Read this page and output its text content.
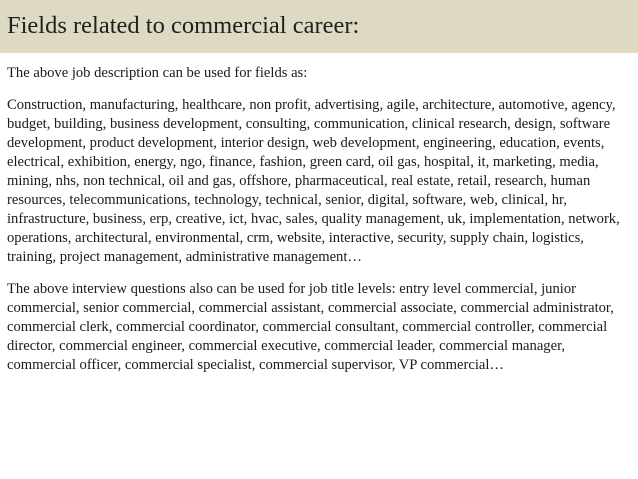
Fields related to commercial career:

The above job description can be used for fields as:

Construction, manufacturing, healthcare, non profit, advertising, agile, architecture, automotive, agency, budget, building, business development, consulting, communication, clinical research, design, software development, product development, interior design, web development, engineering, education, events, electrical, exhibition, energy, ngo, finance, fashion, green card, oil gas, hospital, it, marketing, media, mining, nhs, non technical, oil and gas, offshore, pharmaceutical, real estate, retail, research, human resources, telecommunications, technology, technical, senior, digital, software, web, clinical, hr, infrastructure, business, erp, creative, ict, hvac, sales, quality management, uk, implementation, network, operations, architectural, environmental, crm, website, interactive, security, supply chain, logistics, training, project management, administrative management…

The above interview questions also can be used for job title levels: entry level commercial, junior commercial, senior commercial, commercial assistant, commercial associate, commercial administrator, commercial clerk, commercial coordinator, commercial consultant, commercial controller, commercial director, commercial engineer, commercial executive, commercial leader, commercial manager, commercial officer, commercial specialist, commercial supervisor, VP commercial…
